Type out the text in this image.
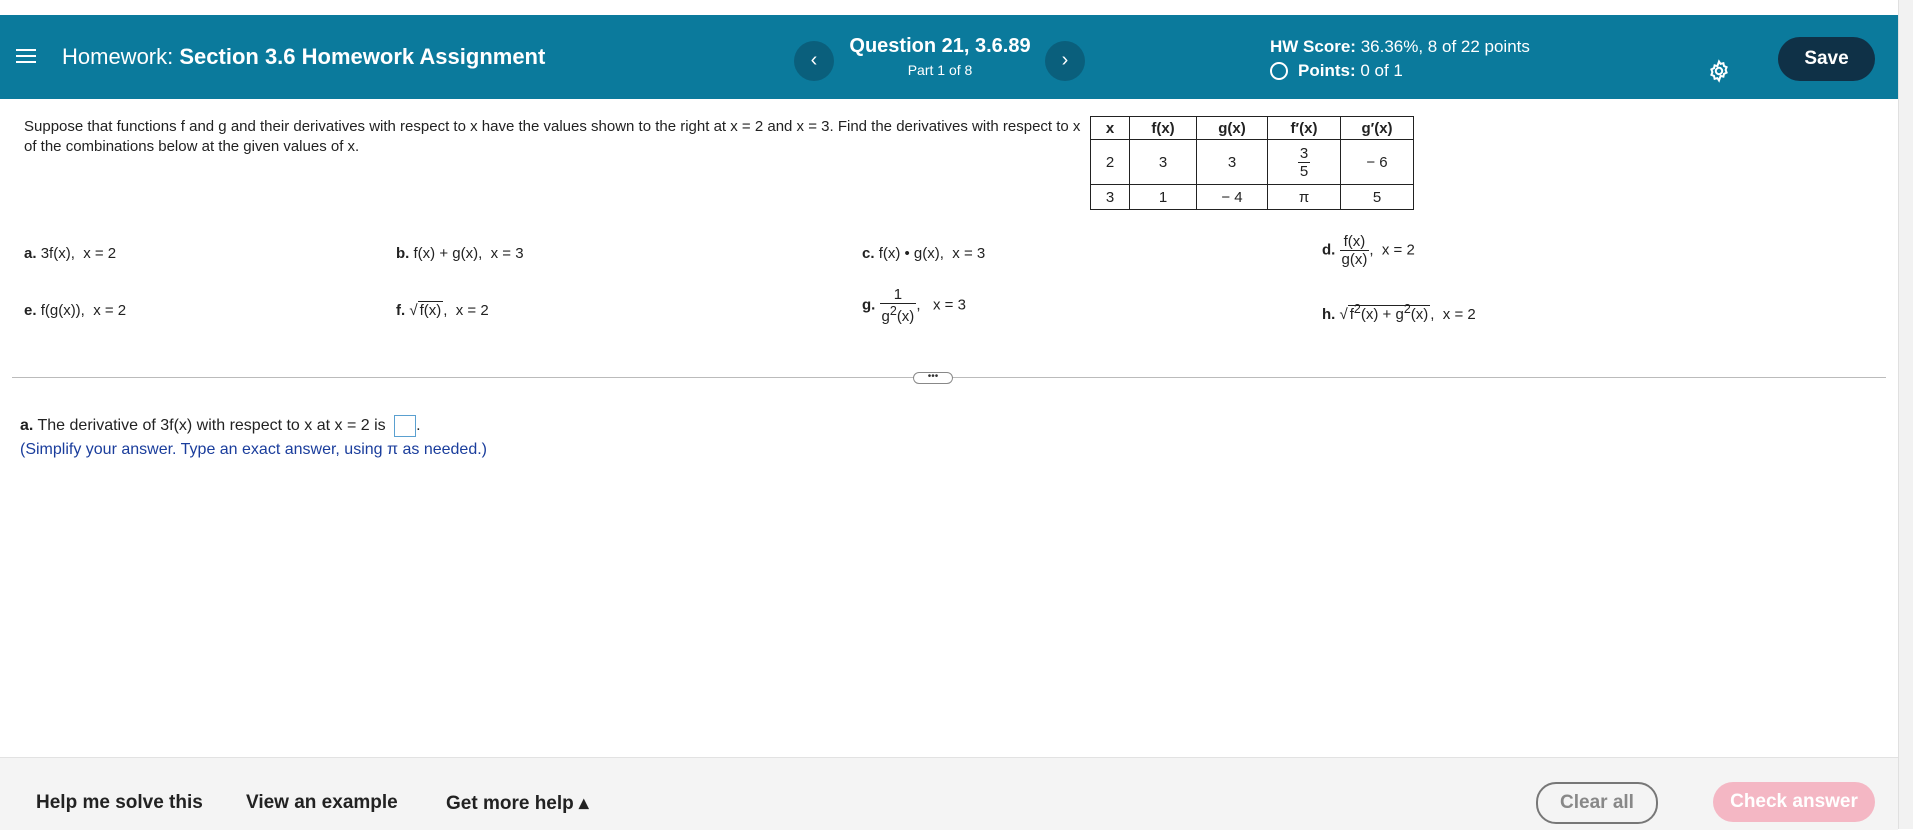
Homework: Section 3.6 Homework Assignment	‹
Question 21, 3.6.89
Part 1 of 8	›
HW Score: 36.36%, 8 of 22 points
Points:
0 of 1
Save
Suppose that functions f and g and their derivatives with respect to x have the values shown to the right at x = 2 and x = 3. Find the derivatives with respect to x of the combinations below at the given values of x.
x	f(x)	g(x)	f′(x)	g′(x)
2	3	3	$\frac{3}{5}$	− 6
3	1	− 4	π	5
a. 3f(x), x = 2	b. f(x) + g(x), x = 3	c. f(x) • g(x), x = 3	d. $\frac{f(x)}{g(x)}$ , x = 2
e. f(g(x)), x = 2	f. √ f(x) , x = 2	g. $\frac{1}{g^2(x)}$ , x = 3
h. √ $f^2(x) + g^2(x)$ , x = 2
•••
a. The derivative of 3f(x) with respect to x at x = 2 is .
(Simplify your answer. Type an exact answer, using π as needed.)
Help me solve this View an example	Get more help ▴	Clear all	Check answer
